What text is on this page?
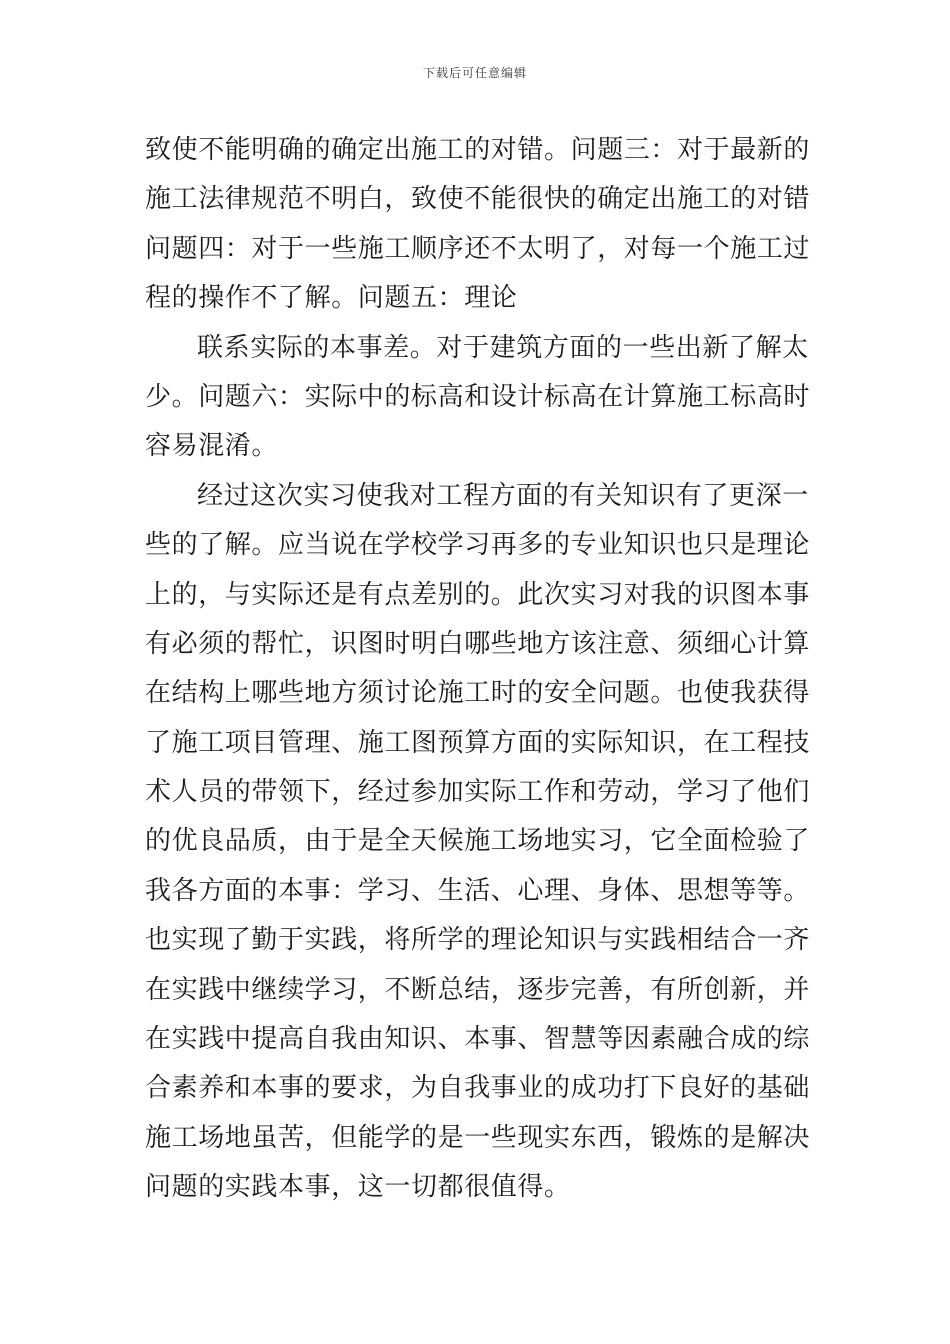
下载后可任意编辑
致使不能明确的确定出施工的对错。问题三：对于最新的
施工法律规范不明白，致使不能很快的确定出施工的对错
问题四：对于一些施工顺序还不太明了，对每一个施工过
程的操作不了解。问题五：理论
联系实际的本事差。对于建筑方面的一些出新了解太
少。问题六：实际中的标高和设计标高在计算施工标高时
容易混淆。
经过这次实习使我对工程方面的有关知识有了更深一
些的了解。应当说在学校学习再多的专业知识也只是理论
上的，与实际还是有点差别的。此次实习对我的识图本事
有必须的帮忙，识图时明白哪些地方该注意、须细心计算
在结构上哪些地方须讨论施工时的安全问题。也使我获得
了施工项目管理、施工图预算方面的实际知识，在工程技
术人员的带领下，经过参加实际工作和劳动，学习了他们
的优良品质，由于是全天候施工场地实习，它全面检验了
我各方面的本事：学习、生活、心理、身体、思想等等。
也实现了勤于实践，将所学的理论知识与实践相结合一齐
在实践中继续学习，不断总结，逐步完善，有所创新，并
在实践中提高自我由知识、本事、智慧等因素融合成的综
合素养和本事的要求，为自我事业的成功打下良好的基础
施工场地虽苦，但能学的是一些现实东西，锻炼的是解决
问题的实践本事，这一切都很值得。
